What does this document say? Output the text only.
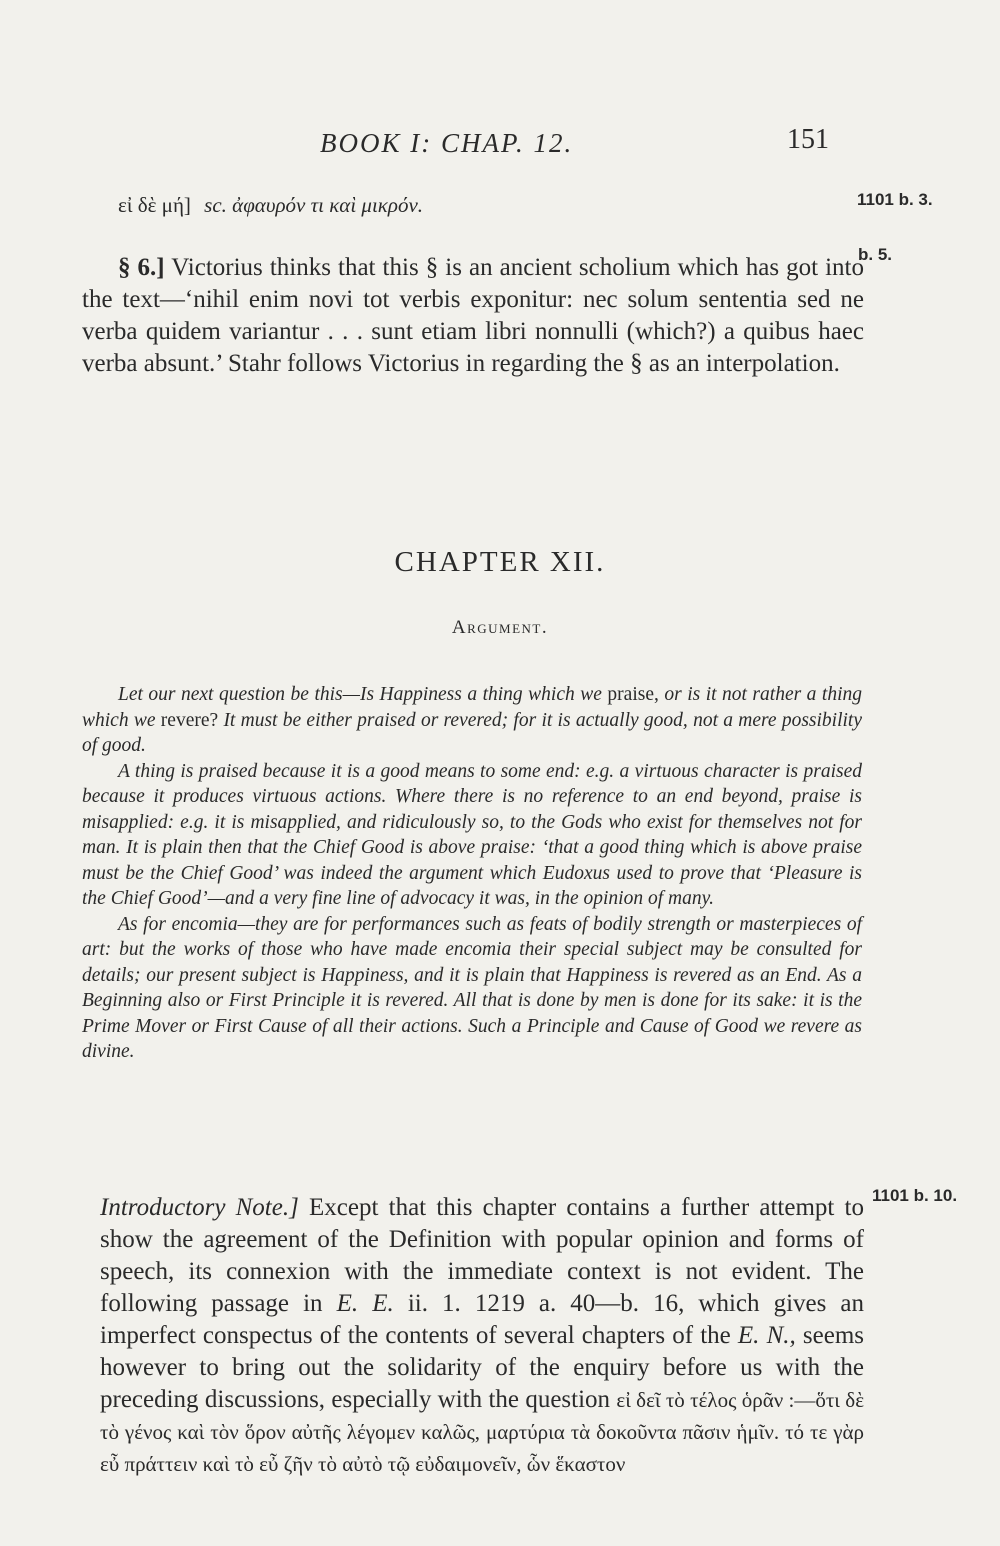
BOOK I: CHAP. 12.	151
1101 b. 3.
b. 5.
1101 b. 10.
εἰ δὲ μή] sc. ἀφαυρόν τι καὶ μικρόν.
§ 6.] Victorius thinks that this § is an ancient scholium which has got into the text—‘nihil enim novi tot verbis exponitur: nec solum sententia sed ne verba quidem variantur . . . sunt etiam libri nonnulli (which?) a quibus haec verba absunt.’ Stahr follows Victorius in regarding the § as an interpolation.
CHAPTER XII.
Argument.

Let our next question be this—Is Happiness a thing which we praise, or is it not rather a thing which we revere? It must be either praised or revered; for it is actually good, not a mere possibility of good.

A thing is praised because it is a good means to some end: e.g. a virtuous character is praised because it produces virtuous actions. Where there is no reference to an end beyond, praise is misapplied: e.g. it is misapplied, and ridiculously so, to the Gods who exist for themselves not for man. It is plain then that the Chief Good is above praise: ‘that a good thing which is above praise must be the Chief Good’ was indeed the argument which Eudoxus used to prove that ‘Pleasure is the Chief Good’—and a very fine line of advocacy it was, in the opinion of many.

As for encomia—they are for performances such as feats of bodily strength or masterpieces of art: but the works of those who have made encomia their special subject may be consulted for details; our present subject is Happiness, and it is plain that Happiness is revered as an End. As a Beginning also or First Principle it is revered. All that is done by men is done for its sake: it is the Prime Mover or First Cause of all their actions. Such a Principle and Cause of Good we revere as divine.

Introductory Note.] Except that this chapter contains a further attempt to show the agreement of the Definition with popular opinion and forms of speech, its connexion with the immediate context is not evident. The following passage in E. E. ii. 1. 1219 a. 40—b. 16, which gives an imperfect conspectus of the contents of several chapters of the E. N., seems however to bring out the solidarity of the enquiry before us with the preceding discussions, especially with the question εἰ δεῖ τὸ τέλος ὁρᾶν :—ὅτι δὲ τὸ γένος καὶ τὸν ὅρον αὐτῆς λέγομεν καλῶς, μαρτύρια τὰ δοκοῦντα πᾶσιν ἡμῖν. τό τε γὰρ εὖ πράττειν καὶ τὸ εὖ ζῆν τὸ αὐτὸ τῷ εὐδαιμονεῖν, ὧν ἕκαστον
